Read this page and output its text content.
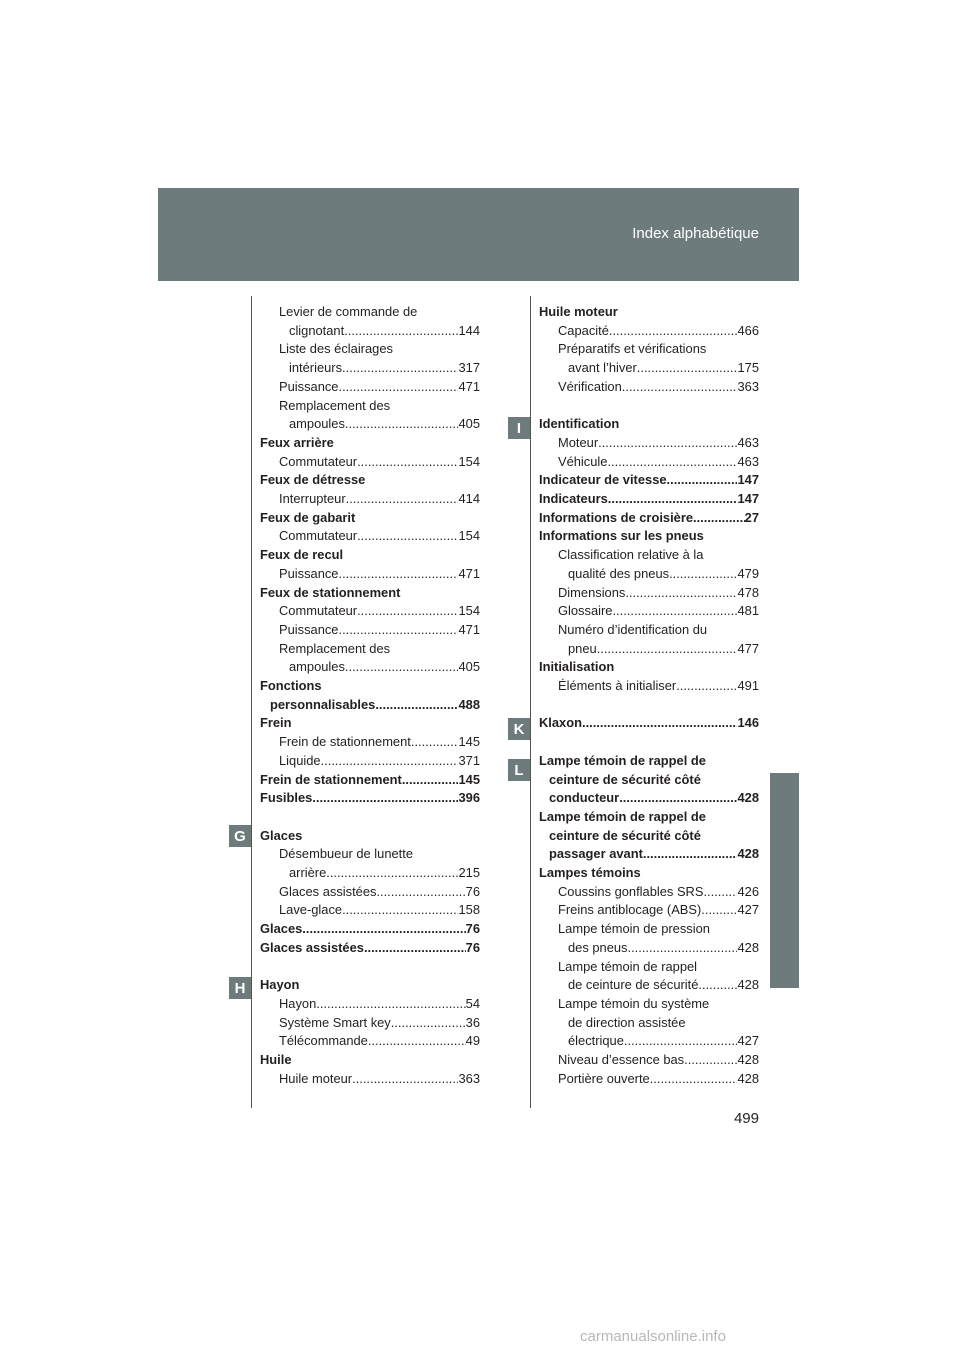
Index alphabétique
G
H
I
K
L
Levier de commande de
clignotant .....	144
Liste des éclairages
intérieurs .....	317
Puissance .....	471
Remplacement des
ampoules .....	405
Feux arrière
Commutateur .....	154
Feux de détresse
Interrupteur .....	414
Feux de gabarit
Commutateur .....	154
Feux de recul
Puissance .....	471
Feux de stationnement
Commutateur .....	154
Puissance .....	471
Remplacement des
ampoules .....	405
Fonctions
personnalisables .....	488
Frein
Frein de stationnement .....	145
Liquide .....	371
Frein de stationnement .....	145
Fusibles .....	396
Glaces
Désembueur de lunette
arrière .....	215
Glaces assistées .....	76
Lave-glace .....	158
Glaces .....	76
Glaces assistées .....	76
Hayon
Hayon .....	54
Système Smart key .....	36
Télécommande .....	49
Huile
Huile moteur .....	363
Huile moteur
Capacité .....	466
Préparatifs et vérifications
avant l’hiver .....	175
Vérification .....	363
Identification
Moteur .....	463
Véhicule .....	463
Indicateur de vitesse .....	147
Indicateurs .....	147
Informations de croisière .....	27
Informations sur les pneus
Classification relative à la
qualité des pneus .....	479
Dimensions .....	478
Glossaire .....	481
Numéro d’identification du
pneu .....	477
Initialisation
Éléments à initialiser .....	491
Klaxon .....	146
Lampe témoin de rappel de
ceinture de sécurité côté
conducteur .....	428
Lampe témoin de rappel de
ceinture de sécurité côté
passager avant .....	428
Lampes témoins
Coussins gonflables SRS .....	426
Freins antiblocage (ABS) .....	427
Lampe témoin de pression
des pneus .....	428
Lampe témoin de rappel
de ceinture de sécurité .....	428
Lampe témoin du système
de direction assistée
électrique .....	427
Niveau d’essence bas .....	428
Portière ouverte .....	428
499
carmanualsonline.info
